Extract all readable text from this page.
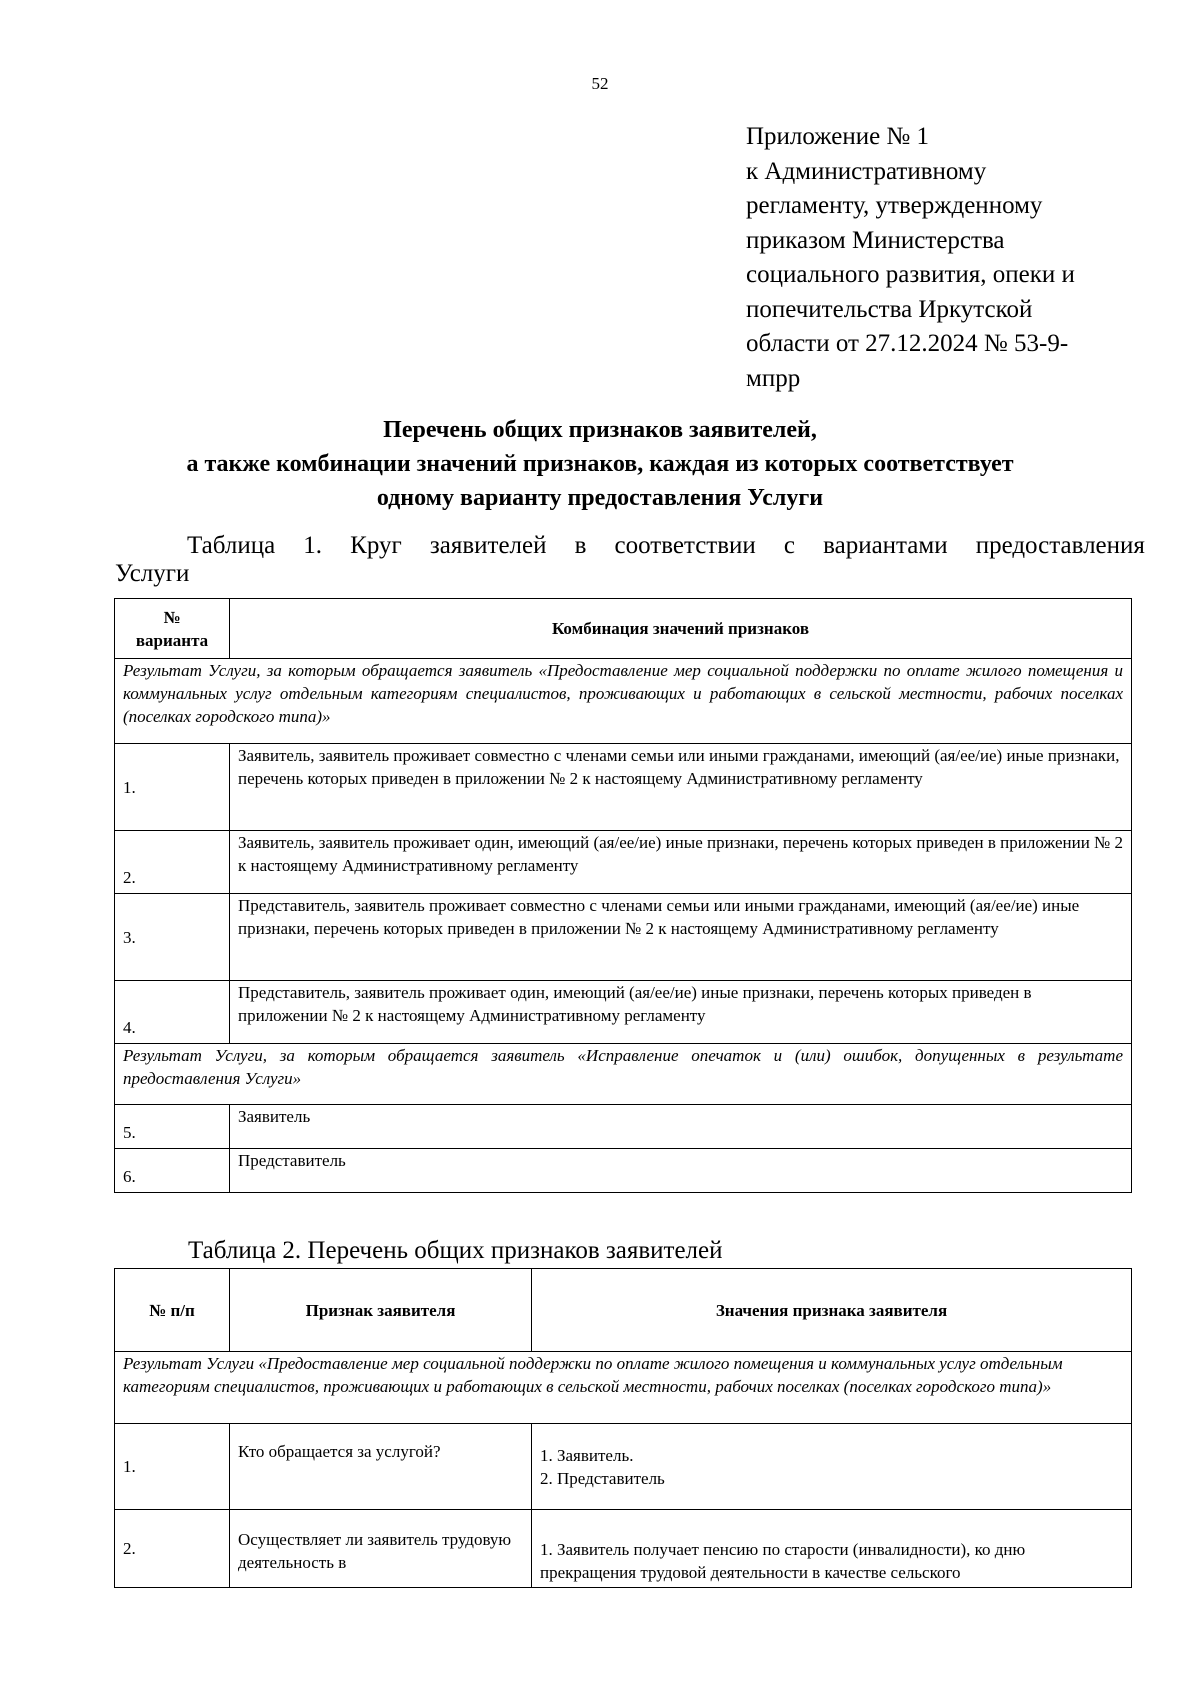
52
Приложение № 1
к Административному
регламенту, утвержденному
приказом Министерства
социального развития, опеки и
попечительства Иркутской
области от 27.12.2024 № 53-9-
мпрр
Перечень общих признаков заявителей,
а также комбинации значений признаков, каждая из которых соответствует
одному варианту предоставления Услуги
Таблица 1. Круг заявителей в соответствии с вариантами предоставления
Услуги
№
варианта	Комбинация значений признаков
Результат Услуги, за которым обращается заявитель «Предоставление мер социальной поддержки по оплате жилого помещения и коммунальных услуг отдельным категориям специалистов, проживающих и работающих в сельской местности, рабочих поселках (поселках городского типа)»	
1.	Заявитель, заявитель проживает совместно с членами семьи или иными гражданами, имеющий (ая/ее/ие) иные признаки, перечень которых приведен в приложении № 2 к настоящему Административному регламенту
2.	Заявитель, заявитель проживает один, имеющий (ая/ее/ие) иные признаки, перечень которых приведен в приложении № 2 к настоящему Административному регламенту
3.	Представитель, заявитель проживает совместно с членами семьи или иными гражданами, имеющий (ая/ее/ие) иные признаки, перечень которых приведен в приложении № 2 к настоящему Административному регламенту
4.	Представитель, заявитель проживает один, имеющий (ая/ее/ие) иные признаки, перечень которых приведен в приложении № 2 к настоящему Административному регламенту
Результат Услуги, за которым обращается заявитель «Исправление опечаток и (или) ошибок, допущенных в результате предоставления Услуги»	
5.	Заявитель
6.	Представитель
Таблица 2. Перечень общих признаков заявителей
№ п/п	Признак заявителя	Значения признака заявителя
Результат Услуги «Предоставление мер социальной поддержки по оплате жилого помещения и коммунальных услуг отдельным категориям специалистов, проживающих и работающих в сельской местности, рабочих поселках (поселках городского типа)»		
1.	Кто обращается за услугой?	1. Заявитель.
2. Представитель

2.	Осуществляет ли заявитель трудовую деятельность в	1. Заявитель получает пенсию по старости (инвалидности), ко дню прекращения трудовой деятельности в качестве сельского
